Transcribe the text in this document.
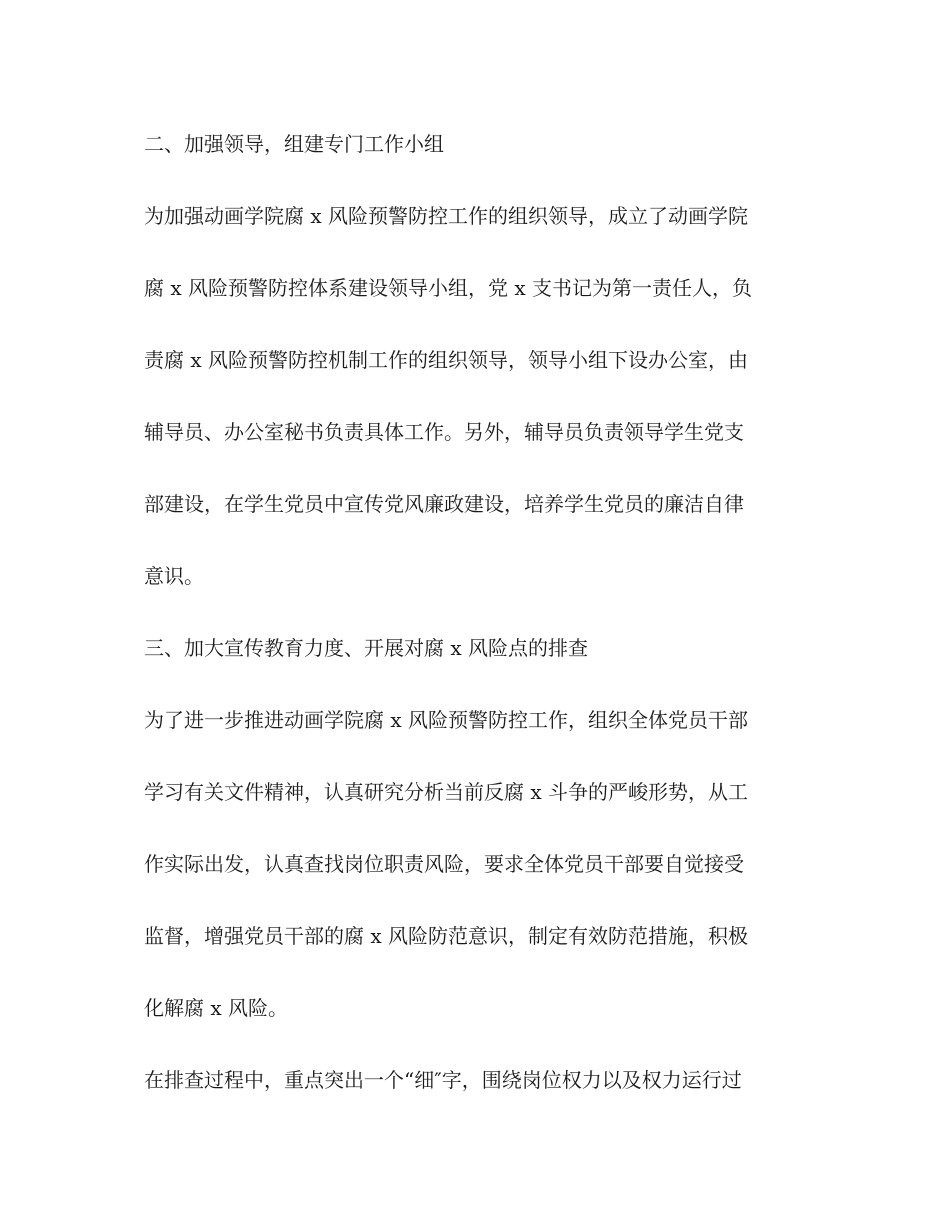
二、加强领导，组建专门工作小组
为加强动画学院腐 x 风险预警防控工作的组织领导，成立了动画学院
腐 x 风险预警防控体系建设领导小组，党 x 支书记为第一责任人，负
责腐 x 风险预警防控机制工作的组织领导，领导小组下设办公室，由
辅导员、办公室秘书负责具体工作。另外，辅导员负责领导学生党支
部建设，在学生党员中宣传党风廉政建设，培养学生党员的廉洁自律
意识。
三、加大宣传教育力度、开展对腐 x 风险点的排查
为了进一步推进动画学院腐 x 风险预警防控工作，组织全体党员干部
学习有关文件精神，认真研究分析当前反腐 x 斗争的严峻形势，从工
作实际出发，认真查找岗位职责风险，要求全体党员干部要自觉接受
监督，增强党员干部的腐 x 风险防范意识，制定有效防范措施，积极
化解腐 x 风险。
在排查过程中，重点突出一个“细″字，围绕岗位权力以及权力运行过
